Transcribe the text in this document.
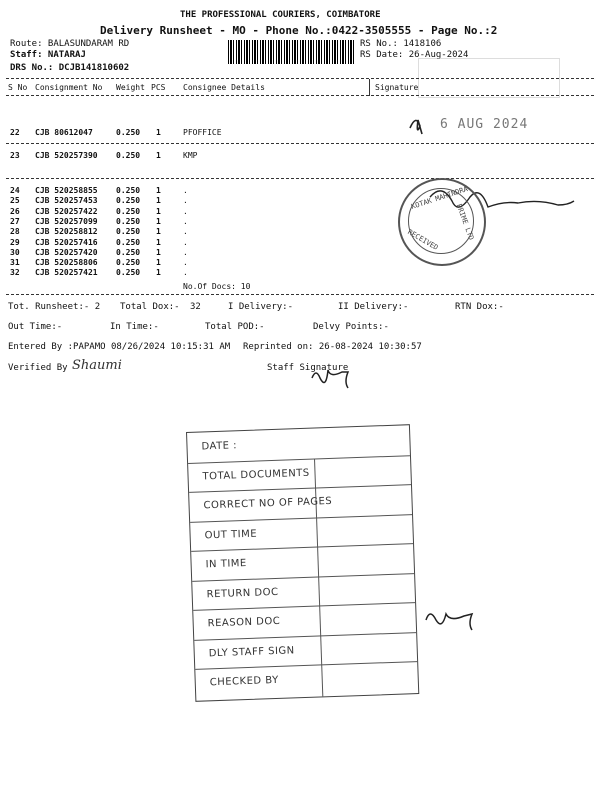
THE PROFESSIONAL COURIERS, COIMBATORE
Delivery Runsheet - MO - Phone No.:0422-3505555 - Page No.:2
Route: BALASUNDARAM RD
Staff: NATARAJ
DRS No.: DCJB141810602
RS No.: 1418106
RS Date: 26-Aug-2024
S No Consignment No Weight PCS Consignee Details	Signature
22 CJB 80612047	0.250 1	PFOFFICE
23 CJB 520257390 0.250 1	KMP
24 CJB 520258855 0.250 1	.
25 CJB 520257453 0.250 1	.
26 CJB 520257422 0.250 1	.
27 CJB 520257099 0.250 1	.
28 CJB 520258812 0.250 1	.
29 CJB 520257416 0.250 1	.
30 CJB 520257420 0.250 1	.
31 CJB 520258806 0.250 1	.
32 CJB 520257421 0.250 1	.
No.Of Docs: 10
Tot. Runsheet:- 2 Total Dox:- 32	I Delivery:-	II Delivery:-	RTN Dox:-
Out Time:-	In Time:-	Total POD:-	Delvy Points:-
Entered By :PAPAMO 08/26/2024 10:15:31 AM Reprinted on: 26-08-2024 10:30:57
Verified By Shaumi	Staff Signature
6 AUG 2024
KOTAK MAHINDRA
PRIME LTD
RECEIVED
DATE :
TOTAL DOCUMENTS
CORRECT NO OF PAGES
OUT TIME
IN TIME
RETURN DOC
REASON DOC
DLY STAFF SIGN
CHECKED BY
